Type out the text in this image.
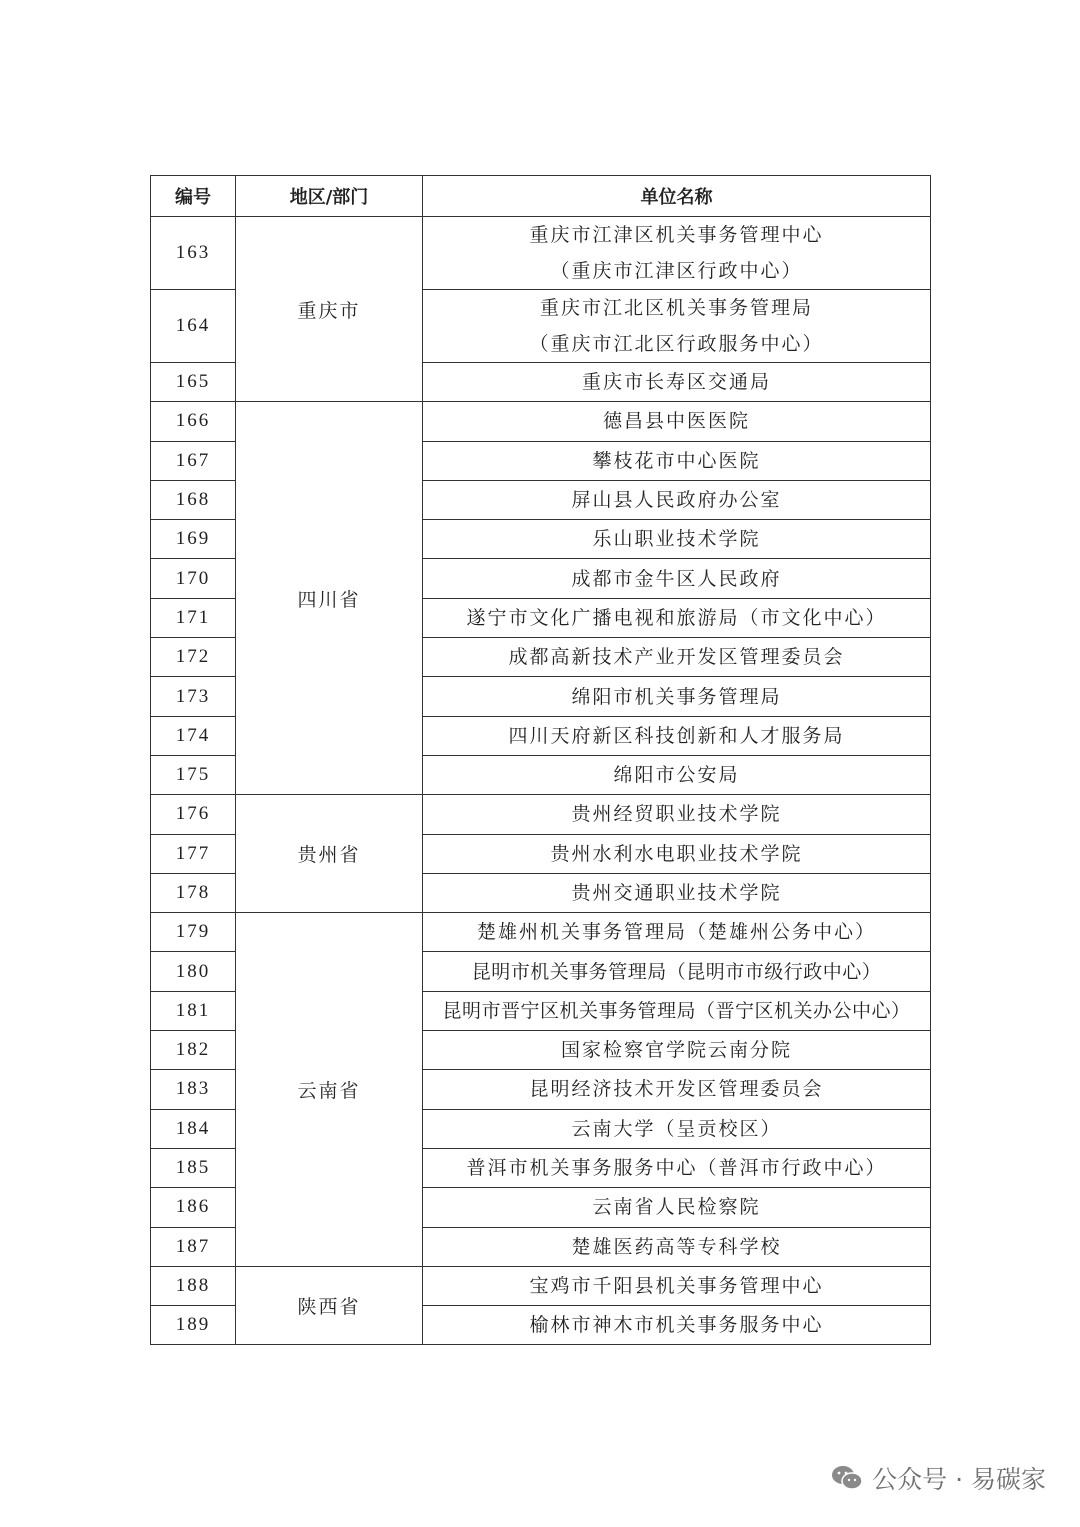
编号	地区/部门	单位名称
163	重庆市	重庆市江津区机关事务管理中心
（重庆市江津区行政中心）

164		重庆市江北区机关事务管理局
（重庆市江北区行政服务中心）

165		重庆市长寿区交通局

166	四川省	德昌县中医医院

167		攀枝花市中心医院

168		屏山县人民政府办公室

169		乐山职业技术学院

170		成都市金牛区人民政府

171		遂宁市文化广播电视和旅游局（市文化中心）

172		成都高新技术产业开发区管理委员会

173		绵阳市机关事务管理局

174		四川天府新区科技创新和人才服务局

175		绵阳市公安局

176	贵州省	贵州经贸职业技术学院

177		贵州水利水电职业技术学院

178		贵州交通职业技术学院

179	云南省	楚雄州机关事务管理局（楚雄州公务中心）

180		昆明市机关事务管理局（昆明市市级行政中心）

181		昆明市晋宁区机关事务管理局（晋宁区机关办公中心）

182		国家检察官学院云南分院

183		昆明经济技术开发区管理委员会

184		云南大学（呈贡校区）

185		普洱市机关事务服务中心（普洱市行政中心）

186		云南省人民检察院

187		楚雄医药高等专科学校

188	陕西省	宝鸡市千阳县机关事务管理中心

189		榆林市神木市机关事务服务中心
公众号 · 易碳家
